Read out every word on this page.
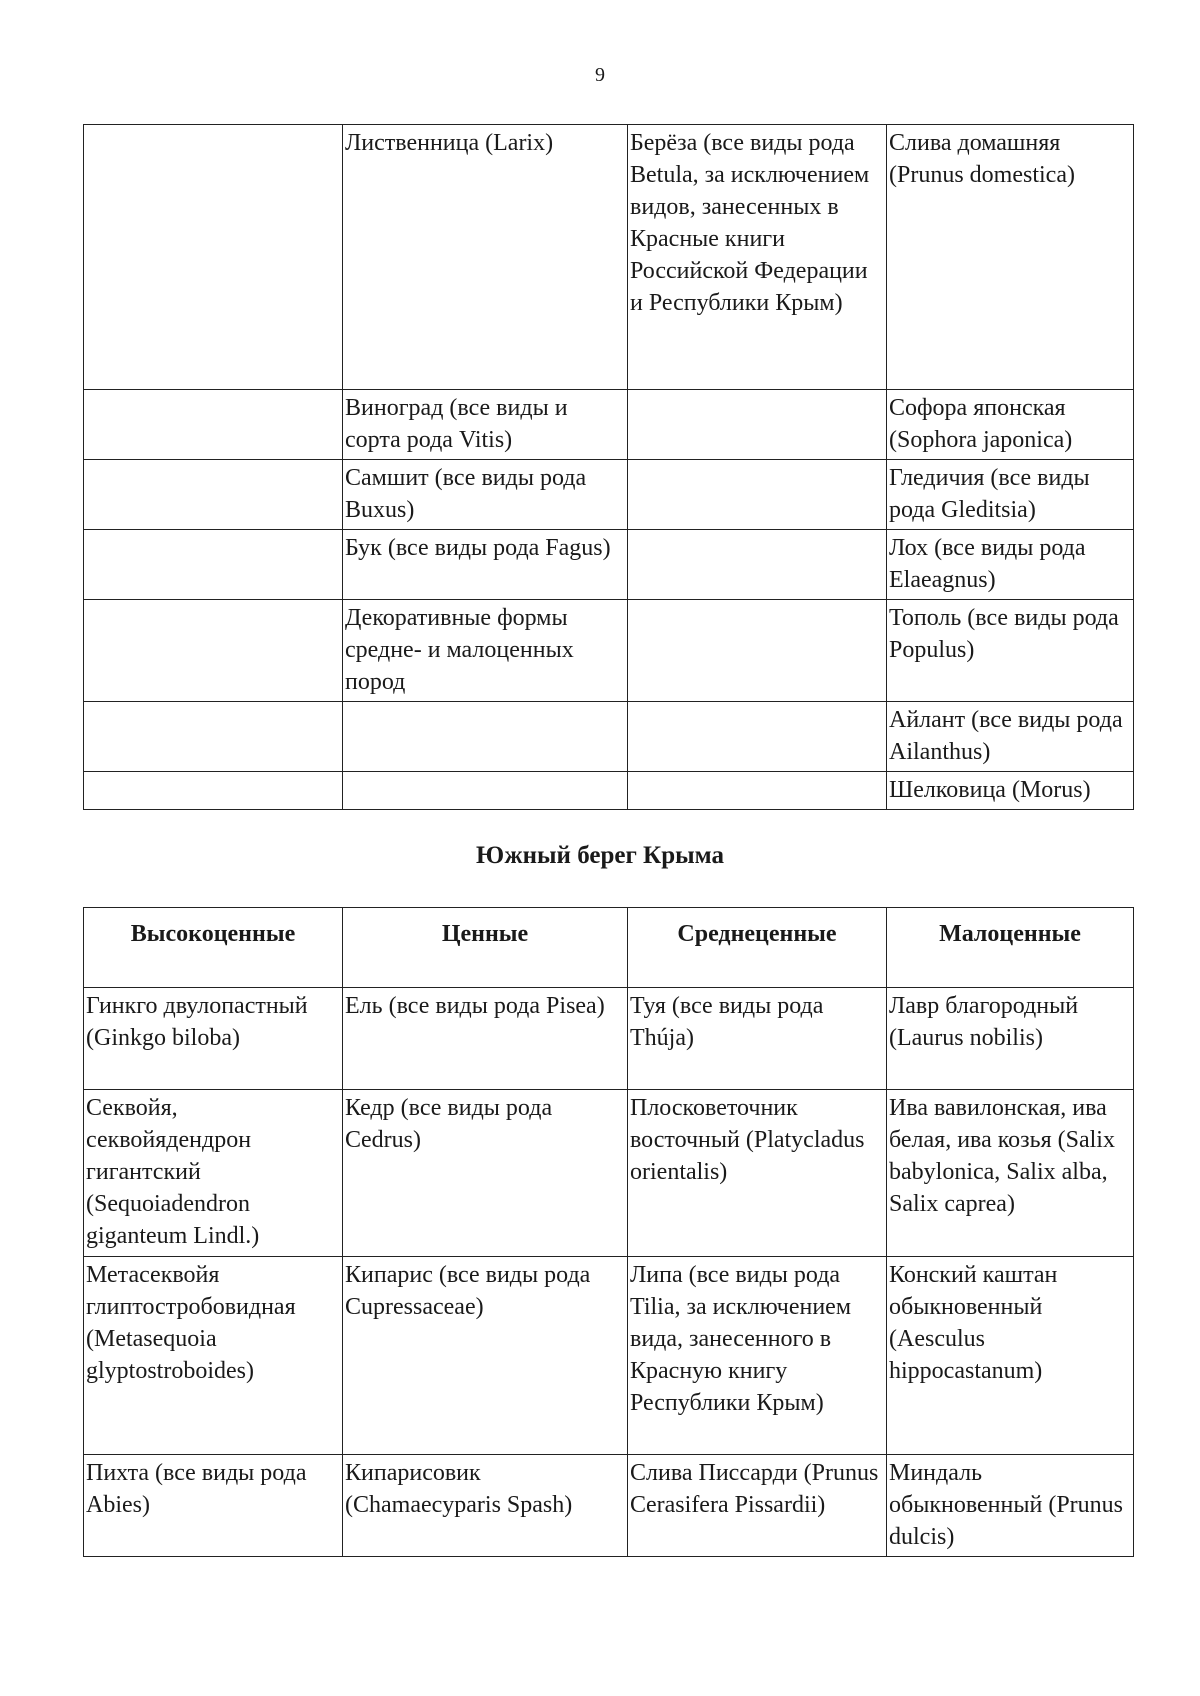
9
	Лиственница (Larix)	Берёза (все виды рода Betula, за исключением видов, занесенных в Красные книги Российской Федерации и Республики Крым)	Слива домашняя (Prunus domestica)
	Виноград (все виды и сорта рода Vitis)		Софора японская (Sophora japonica)
	Самшит (все виды рода Buxus)		Гледичия (все виды рода Gleditsia)
	Бук (все виды рода Fagus)		Лох (все виды рода Elaeagnus)
	Декоративные формы средне- и малоценных пород		Тополь (все виды рода Populus)
			Айлант (все виды рода Ailanthus)
			Шелковица (Morus)
Южный берег Крыма
Высокоценные	Ценные	Среднеценные	Малоценные
Гинкго двулопастный (Ginkgo biloba)	Ель (все виды рода Pisea)	Туя (все виды рода Thúja)	Лавр благородный (Laurus nobilis)
Секвойя, секвойядендрон гигантский (Sequoiadendron giganteum Lindl.)	Кедр (все виды рода Cedrus)	Плосковеточник восточный (Platycladus orientalis)	Ива вавилонская, ива белая, ива козья (Salix babylonica, Salix alba, Salix caprea)
Метасеквойя глиптостробовидная (Metasequoia glyptostroboides)	Кипарис (все виды рода Cupressaceae)	Липа (все виды рода Tilia, за исключением вида, занесенного в Красную книгу Республики Крым)	Конский каштан обыкновенный (Aesculus hippocastanum)
Пихта (все виды рода Abies)	Кипарисовик (Chamaecyparis Spash)	Слива Писсарди (Prunus Cerasifera Pissardii)	Миндаль обыкновенный (Prunus dulcis)
